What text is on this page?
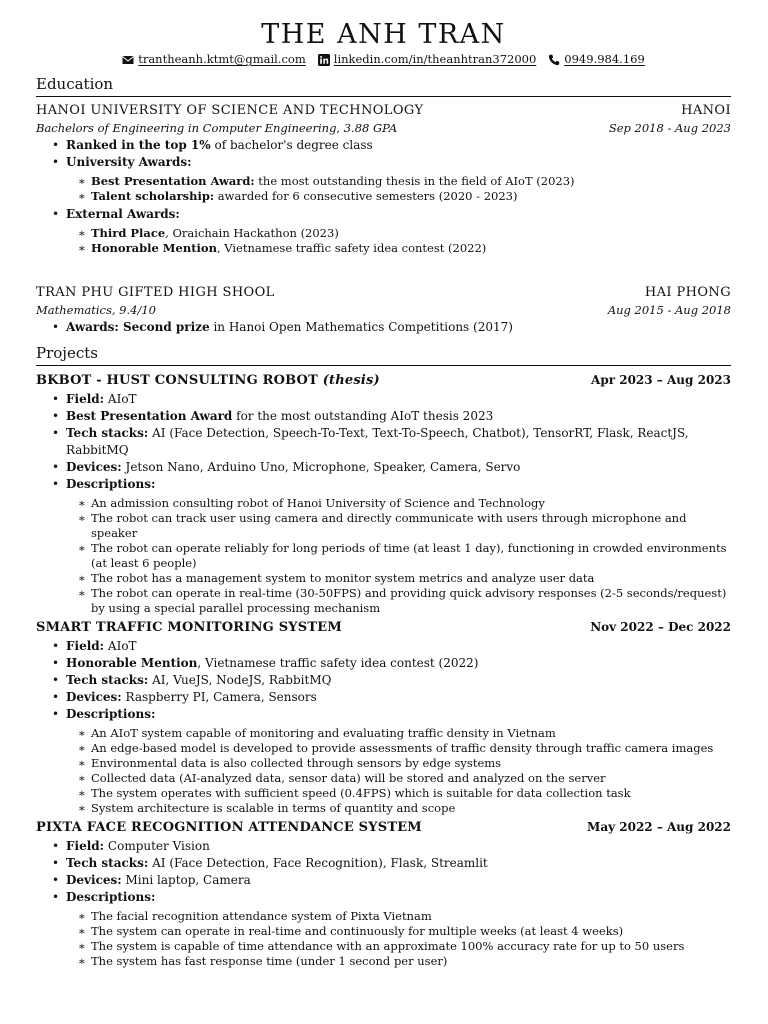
THE ANH TRAN
trantheanh.ktmt@gmail.com linkedin.com/in/theanhtran372000 0949.984.169
Education
HANOI UNIVERSITY OF SCIENCE AND TECHNOLOGY	HANOI
Bachelors of Engineering in Computer Engineering, 3.88 GPA	Sep 2018 - Aug 2023
• Ranked in the top 1% of bachelor's degree class
• University Awards:
∗ Best Presentation Award: the most outstanding thesis in the field of AIoT (2023)
∗ Talent scholarship: awarded for 6 consecutive semesters (2020 - 2023)
• External Awards:
∗ Third Place, Oraichain Hackathon (2023)
∗ Honorable Mention, Vietnamese traffic safety idea contest (2022)
TRAN PHU GIFTED HIGH SHOOL	HAI PHONG
Mathematics, 9.4/10	Aug 2015 - Aug 2018
• Awards: Second prize in Hanoi Open Mathematics Competitions (2017)
Projects
BKBOT - HUST CONSULTING ROBOT (thesis)	Apr 2023 – Aug 2023
• Field: AIoT
• Best Presentation Award for the most outstanding AIoT thesis 2023
• Tech stacks: AI (Face Detection, Speech-To-Text, Text-To-Speech, Chatbot), TensorRT, Flask, ReactJS, RabbitMQ
• Devices: Jetson Nano, Arduino Uno, Microphone, Speaker, Camera, Servo
• Descriptions:
∗ An admission consulting robot of Hanoi University of Science and Technology
∗ The robot can track user using camera and directly communicate with users through microphone and speaker
∗ The robot can operate reliably for long periods of time (at least 1 day), functioning in crowded environments (at least 6 people)
∗ The robot has a management system to monitor system metrics and analyze user data
∗ The robot can operate in real-time (30-50FPS) and providing quick advisory responses (2-5 seconds/request) by using a special parallel processing mechanism
SMART TRAFFIC MONITORING SYSTEM	Nov 2022 – Dec 2022
• Field: AIoT
• Honorable Mention, Vietnamese traffic safety idea contest (2022)
• Tech stacks: AI, VueJS, NodeJS, RabbitMQ
• Devices: Raspberry PI, Camera, Sensors
• Descriptions:
∗ An AIoT system capable of monitoring and evaluating traffic density in Vietnam
∗ An edge-based model is developed to provide assessments of traffic density through traffic camera images
∗ Environmental data is also collected through sensors by edge systems
∗ Collected data (AI-analyzed data, sensor data) will be stored and analyzed on the server
∗ The system operates with sufficient speed (0.4FPS) which is suitable for data collection task
∗ System architecture is scalable in terms of quantity and scope
PIXTA FACE RECOGNITION ATTENDANCE SYSTEM	May 2022 – Aug 2022
• Field: Computer Vision
• Tech stacks: AI (Face Detection, Face Recognition), Flask, Streamlit
• Devices: Mini laptop, Camera
• Descriptions:
∗ The facial recognition attendance system of Pixta Vietnam
∗ The system can operate in real-time and continuously for multiple weeks (at least 4 weeks)
∗ The system is capable of time attendance with an approximate 100% accuracy rate for up to 50 users
∗ The system has fast response time (under 1 second per user)
